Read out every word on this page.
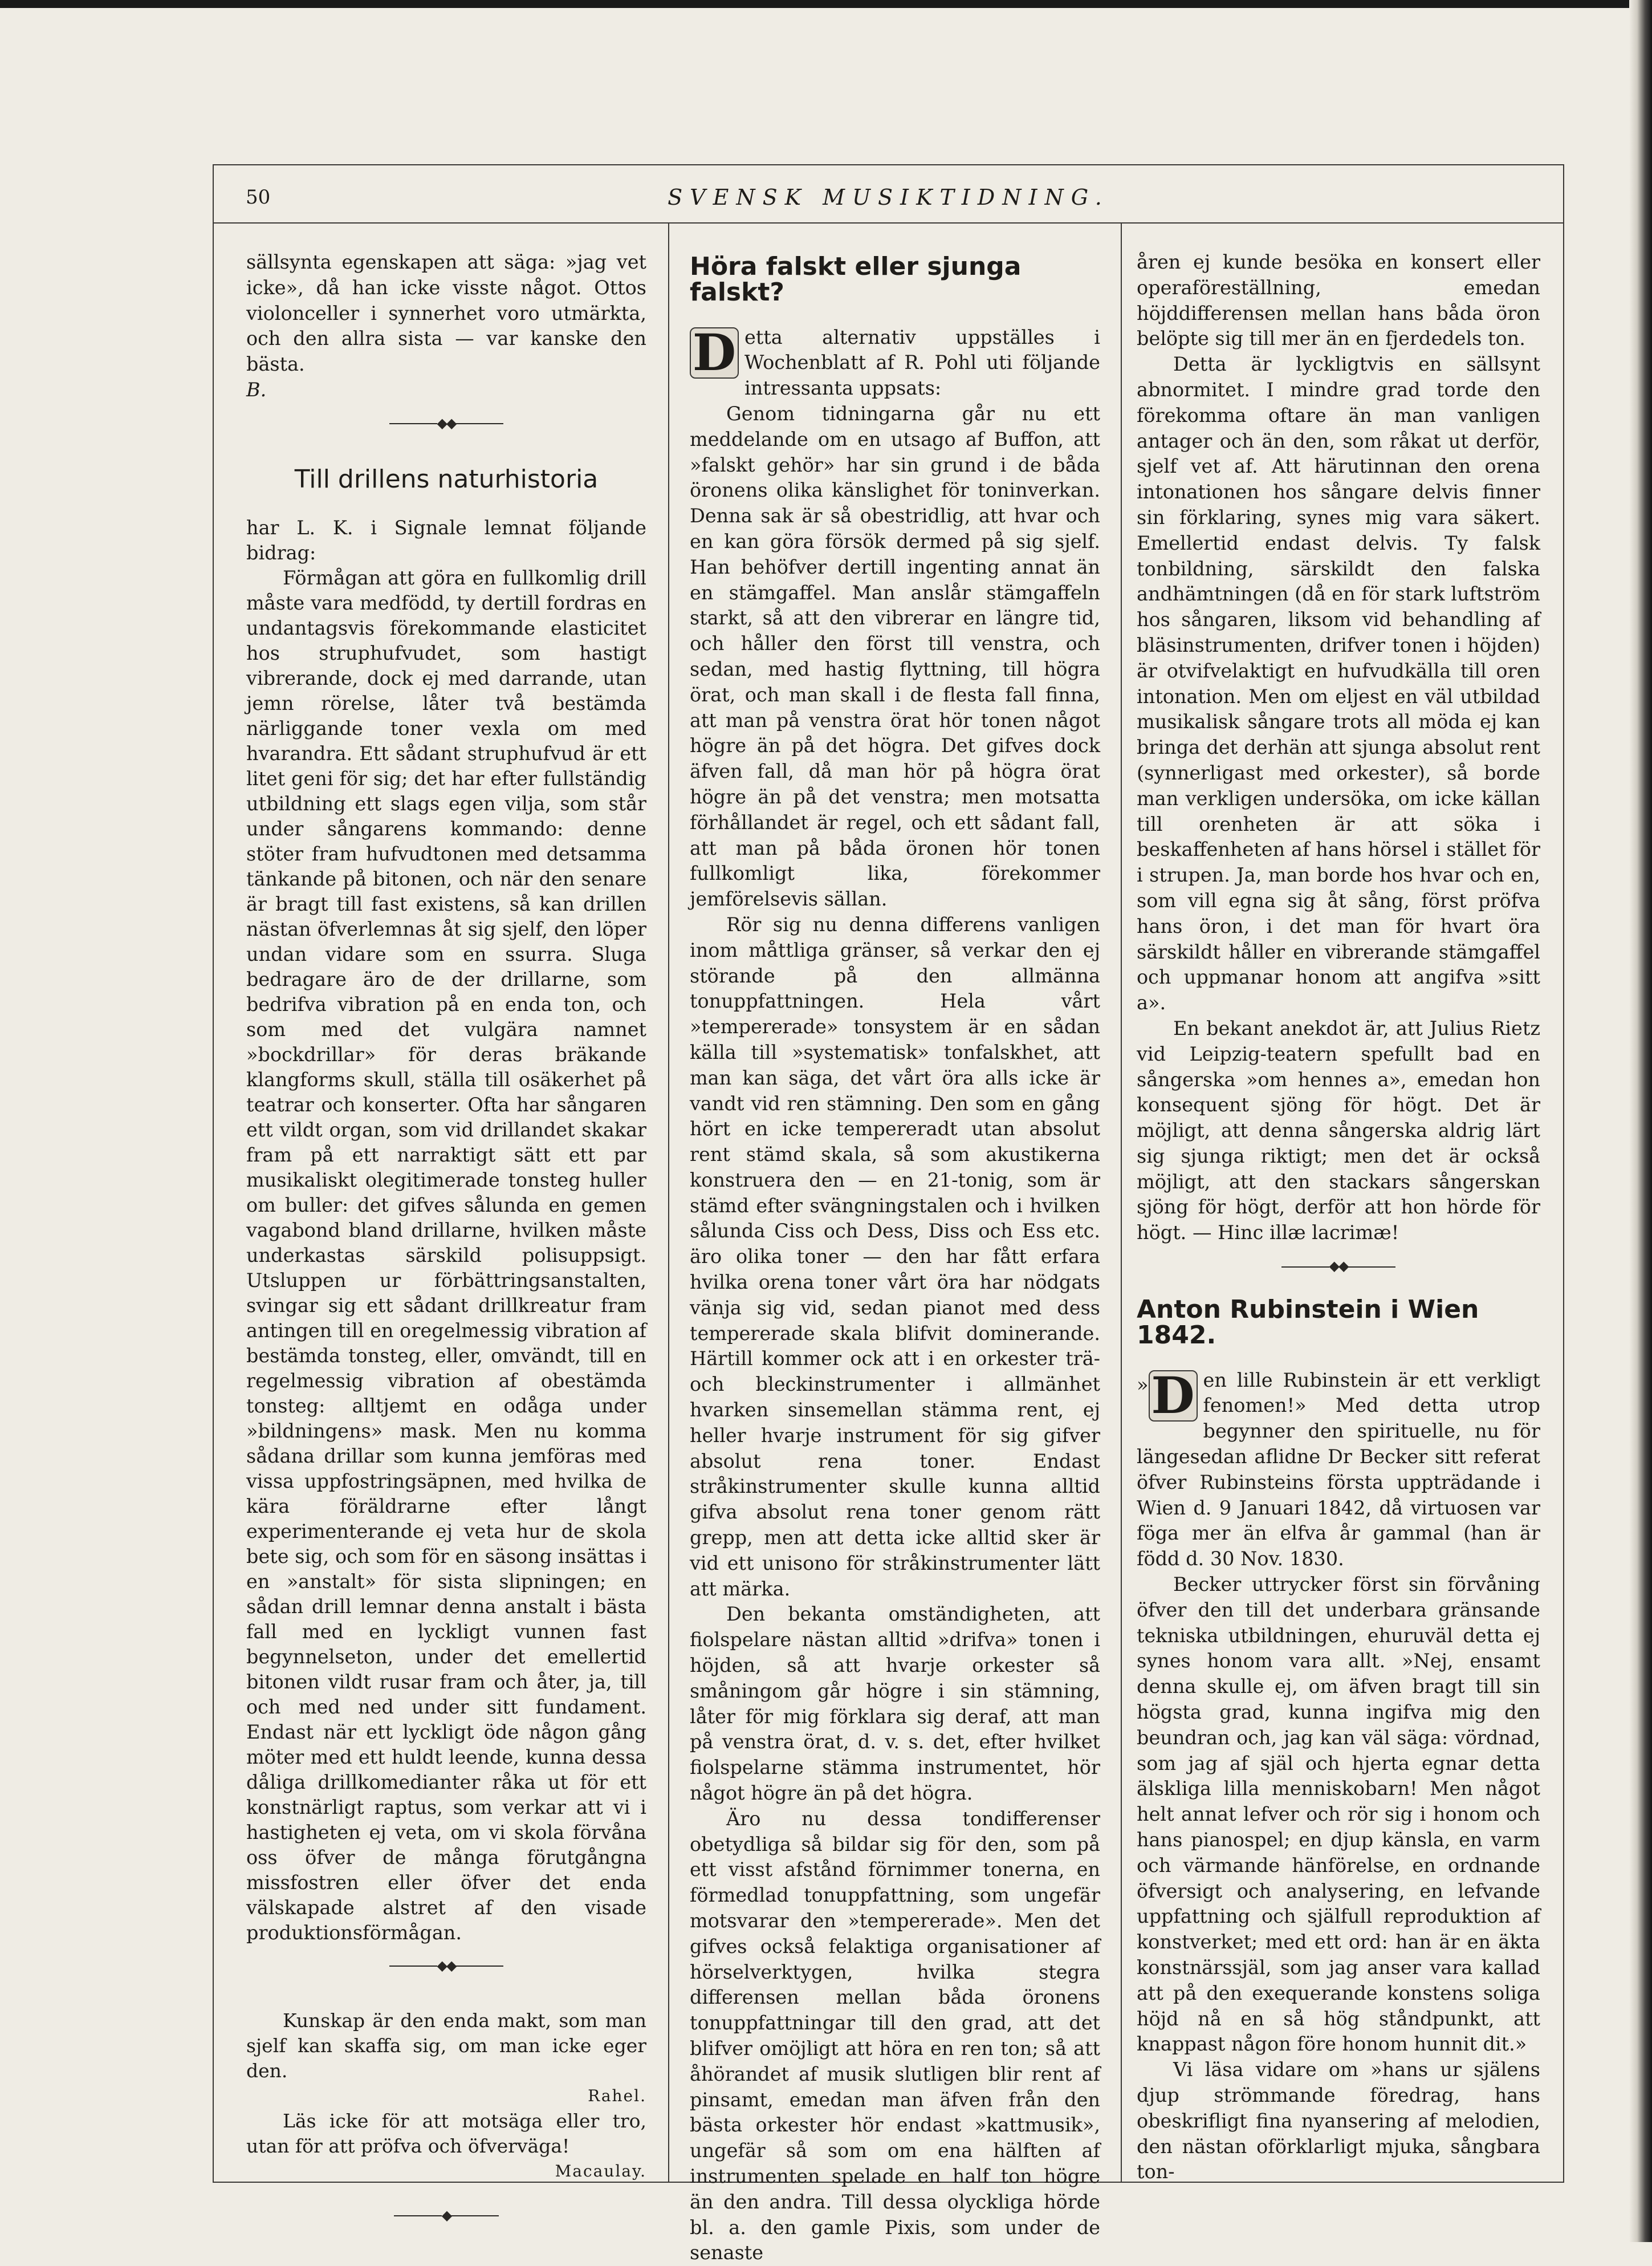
50	SVENSK MUSIKTIDNING.

sällsynta egenskapen att säga: »jag vet icke», då han icke visste något. Ottos violonceller i synnerhet voro utmärkta, och den allra sista — var kanske den bästa.

B.

◆◆
Till drillens naturhistoria

har L. K. i Signale lemnat följande bidrag:

Förmågan att göra en fullkomlig drill måste vara medfödd, ty dertill fordras en undantagsvis förekommande elasticitet hos struphufvudet, som hastigt vibrerande, dock ej med darrande, utan jemn rörelse, låter två bestämda närliggande toner vexla om med hvarandra. Ett sådant struphufvud är ett litet geni för sig; det har efter fullständig utbildning ett slags egen vilja, som står under sångarens kommando: denne stöter fram hufvudtonen med detsamma tänkande på bitonen, och när den senare är bragt till fast existens, så kan drillen nästan öfverlemnas åt sig sjelf, den löper undan vidare som en ssurra. Sluga bedragare äro de der drillarne, som bedrifva vibration på en enda ton, och som med det vulgära namnet »bockdrillar» för deras bräkande klangforms skull, ställa till osäkerhet på teatrar och konserter. Ofta har sångaren ett vildt organ, som vid drillandet skakar fram på ett narraktigt sätt ett par musikaliskt olegitimerade tonsteg huller om buller: det gifves sålunda en gemen vagabond bland drillarne, hvilken måste underkastas särskild polisuppsigt. Utsluppen ur förbättringsanstalten, svingar sig ett sådant drillkreatur fram antingen till en oregelmessig vibration af bestämda tonsteg, eller, omvändt, till en regelmessig vibration af obestämda tonsteg: alltjemt en odåga under »bildningens» mask. Men nu komma sådana drillar som kunna jemföras med vissa uppfostringsäpnen, med hvilka de kära föräldrarne efter långt experimenterande ej veta hur de skola bete sig, och som för en säsong insättas i en »anstalt» för sista slipningen; en sådan drill lemnar denna anstalt i bästa fall med en lyckligt vunnen fast begynnelseton, under det emellertid bitonen vildt rusar fram och åter, ja, till och med ned under sitt fundament. Endast när ett lyckligt öde någon gång möter med ett huldt leende, kunna dessa dåliga drillkomedianter råka ut för ett konstnärligt raptus, som verkar att vi i hastigheten ej veta, om vi skola förvåna oss öfver de många förutgångna missfostren eller öfver det enda välskapade alstret af den visade produktionsförmågan.

◆◆

Kunskap är den enda makt, som man sjelf kan skaffa sig, om man icke eger den.

Rahel.

Läs icke för att motsäga eller tro, utan för att pröfva och öfverväga!

Macaulay.

◆
Höra falskt eller sjunga falskt?

D etta alternativ uppställes i Wochenblatt af R. Pohl uti följande intressanta uppsats:

Genom tidningarna går nu ett meddelande om en utsago af Buffon, att »falskt gehör» har sin grund i de båda öronens olika känslighet för toninverkan. Denna sak är så obestridlig, att hvar och en kan göra försök dermed på sig sjelf. Han behöfver dertill ingenting annat än en stämgaffel. Man anslår stämgaffeln starkt, så att den vibrerar en längre tid, och håller den först till venstra, och sedan, med hastig flyttning, till högra örat, och man skall i de flesta fall finna, att man på venstra örat hör tonen något högre än på det högra. Det gifves dock äfven fall, då man hör på högra örat högre än på det venstra; men motsatta förhållandet är regel, och ett sådant fall, att man på båda öronen hör tonen fullkomligt lika, förekommer jemförelsevis sällan.

Rör sig nu denna differens vanligen inom måttliga gränser, så verkar den ej störande på den allmänna tonuppfattningen. Hela vårt »tempererade» tonsystem är en sådan källa till »systematisk» tonfalskhet, att man kan säga, det vårt öra alls icke är vandt vid ren stämning. Den som en gång hört en icke tempereradt utan absolut rent stämd skala, så som akustikerna konstruera den — en 21-tonig, som är stämd efter svängningstalen och i hvilken sålunda Ciss och Dess, Diss och Ess etc. äro olika toner — den har fått erfara hvilka orena toner vårt öra har nödgats vänja sig vid, sedan pianot med dess tempererade skala blifvit dominerande. Härtill kommer ock att i en orkester trä- och bleckinstrumenter i allmänhet hvarken sinsemellan stämma rent, ej heller hvarje instrument för sig gifver absolut rena toner. Endast stråkinstrumenter skulle kunna alltid gifva absolut rena toner genom rätt grepp, men att detta icke alltid sker är vid ett unisono för stråkinstrumenter lätt att märka.

Den bekanta omständigheten, att fiolspelare nästan alltid »drifva» tonen i höjden, så att hvarje orkester så småningom går högre i sin stämning, låter för mig förklara sig deraf, att man på venstra örat, d. v. s. det, efter hvilket fiolspelarne stämma instrumentet, hör något högre än på det högra.

Äro nu dessa tondifferenser obetydliga så bildar sig för den, som på ett visst afstånd förnimmer tonerna, en förmedlad tonuppfattning, som ungefär motsvarar den »tempererade». Men det gifves också felaktiga organisationer af hörselverktygen, hvilka stegra differensen mellan båda öronens tonuppfattningar till den grad, att det blifver omöjligt att höra en ren ton; så att åhörandet af musik slutligen blir rent af pinsamt, emedan man äfven från den bästa orkester hör endast »kattmusik», ungefär så som om ena hälften af instrumenten spelade en half ton högre än den andra. Till dessa olyckliga hörde bl. a. den gamle Pixis, som under de senaste

åren ej kunde besöka en konsert eller operaföreställning, emedan höjddifferensen mellan hans båda öron belöpte sig till mer än en fjerdedels ton.

Detta är lyckligtvis en sällsynt abnormitet. I mindre grad torde den förekomma oftare än man vanligen antager och än den, som råkat ut derför, sjelf vet af. Att härutinnan den orena intonationen hos sångare delvis finner sin förklaring, synes mig vara säkert. Emellertid endast delvis. Ty falsk tonbildning, särskildt den falska andhämtningen (då en för stark luftström hos sångaren, liksom vid behandling af bläsinstrumenten, drifver tonen i höjden) är otvifvelaktigt en hufvudkälla till oren intonation. Men om eljest en väl utbildad musikalisk sångare trots all möda ej kan bringa det derhän att sjunga absolut rent (synnerligast med orkester), så borde man verkligen undersöka, om icke källan till orenheten är att söka i beskaffenheten af hans hörsel i stället för i strupen. Ja, man borde hos hvar och en, som vill egna sig åt sång, först pröfva hans öron, i det man för hvart öra särskildt håller en vibrerande stämgaffel och uppmanar honom att angifva »sitt a».

En bekant anekdot är, att Julius Rietz vid Leipzig-teatern spefullt bad en sångerska »om hennes a», emedan hon konsequent sjöng för högt. Det är möjligt, att denna sångerska aldrig lärt sig sjunga riktigt; men det är också möjligt, att den stackars sångerskan sjöng för högt, derför att hon hörde för högt. — Hinc illæ lacrimæ!

◆◆
Anton Rubinstein i Wien 1842.

» D en lille Rubinstein är ett verkligt fenomen!» Med detta utrop begynner den spirituelle, nu för längesedan aflidne Dr Becker sitt referat öfver Rubinsteins första uppträdande i Wien d. 9 Januari 1842, då virtuosen var föga mer än elfva år gammal (han är född d. 30 Nov. 1830.

Becker uttrycker först sin förvåning öfver den till det underbara gränsande tekniska utbildningen, ehuruväl detta ej synes honom vara allt. »Nej, ensamt denna skulle ej, om äfven bragt till sin högsta grad, kunna ingifva mig den beundran och, jag kan väl säga: vördnad, som jag af själ och hjerta egnar detta älskliga lilla menniskobarn! Men något helt annat lefver och rör sig i honom och hans pianospel; en djup känsla, en varm och värmande hänförelse, en ordnande öfversigt och analysering, en lefvande uppfattning och själfull reproduktion af konstverket; med ett ord: han är en äkta konstnärssjäl, som jag anser vara kallad att på den exequerande konstens soliga höjd nå en så hög ståndpunkt, att knappast någon före honom hunnit dit.»

Vi läsa vidare om »hans ur själens djup strömmande föredrag, hans obeskrifligt fina nyansering af melodien, den nästan oförklarligt mjuka, sångbara ton-
